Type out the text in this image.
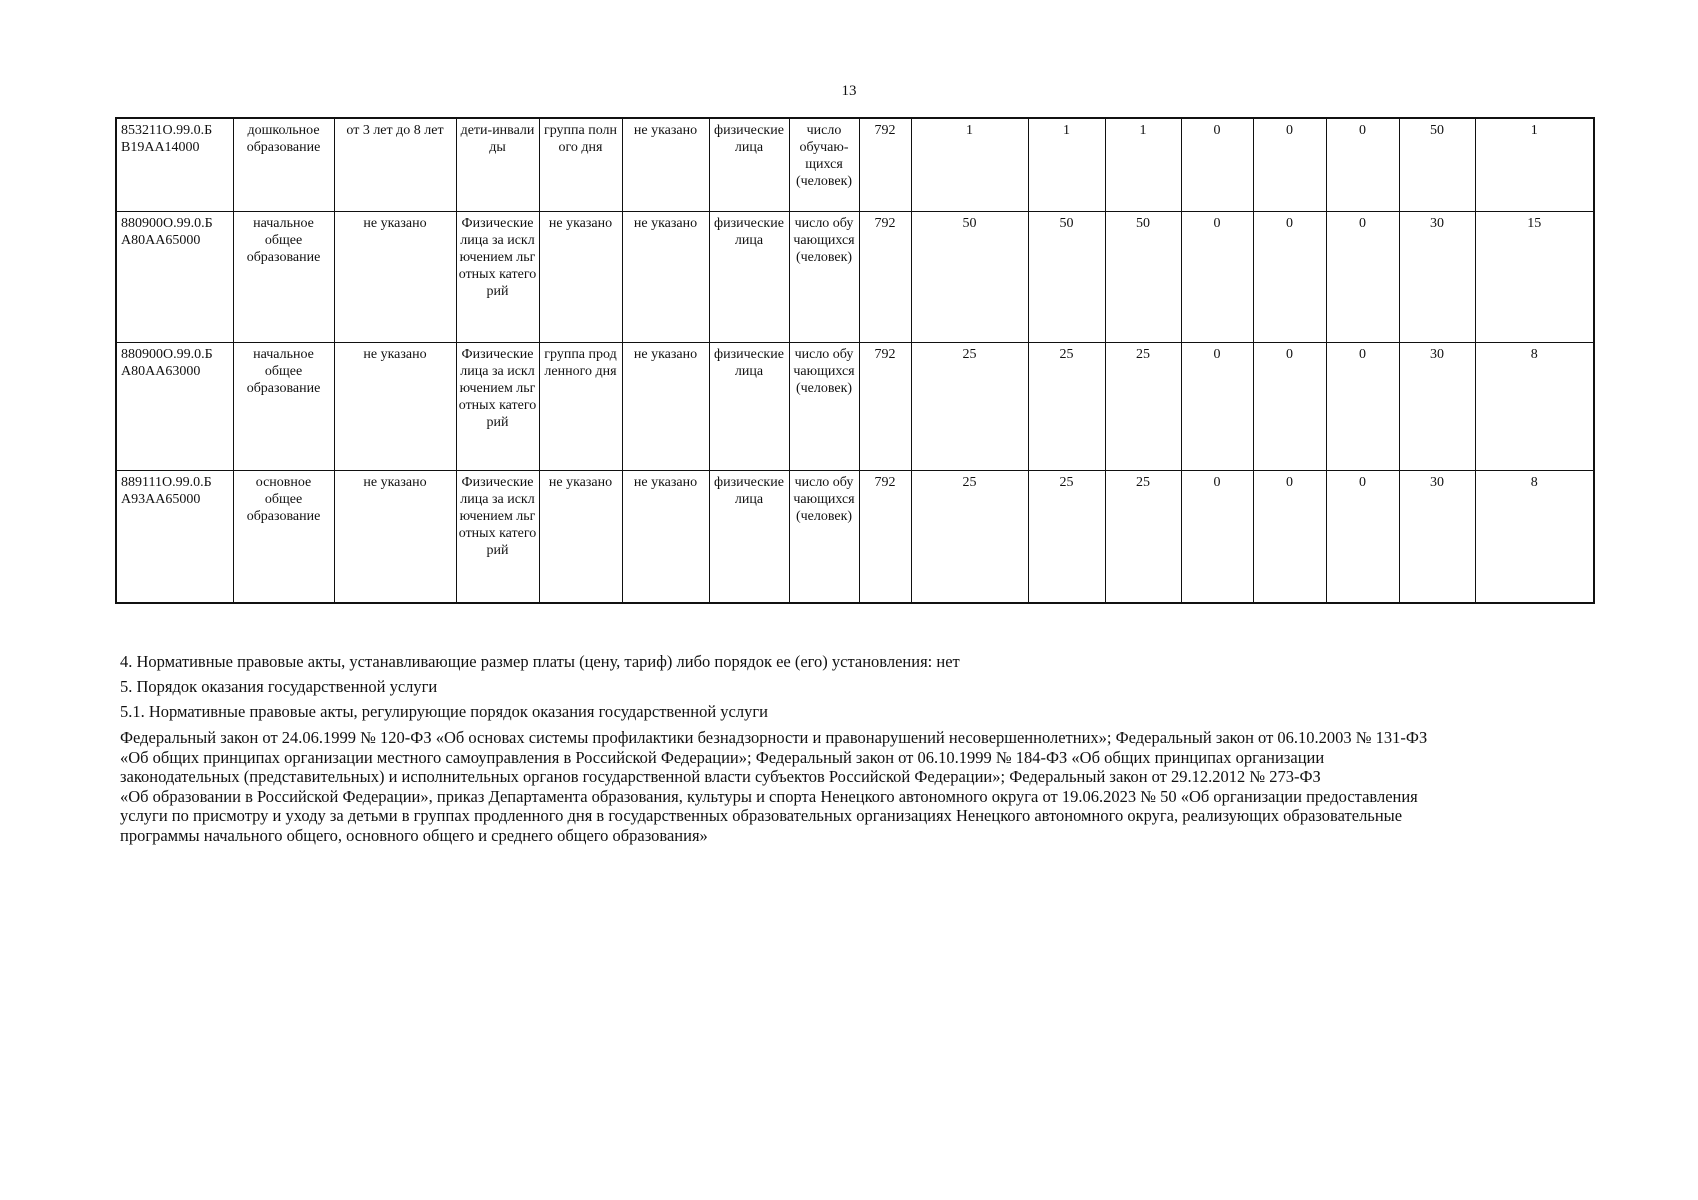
13
853211О.99.0.Б В19АА14000	дошкольное образование	от 3 лет до 8 лет	дети-инвалиды	группа полного дня	не указано	физические лица	число обучаю-щихся (человек)	792	1	1	1	0	0	0	50	1
880900О.99.0.Б А80АА65000	начальное общее образование	не указано	Физические лица за исключением льготных категорий	не указано	не указано	физические лица	число обучающихся (человек)	792	50	50	50	0	0	0	30	15
880900О.99.0.Б А80АА63000	начальное общее образование	не указано	Физические лица за исключением льготных категорий	группа продленного дня	не указано	физические лица	число обучающихся (человек)	792	25	25	25	0	0	0	30	8
889111О.99.0.Б А93АА65000	основное общее образование	не указано	Физические лица за исключением льготных категорий	не указано	не указано	физические лица	число обучающихся (человек)	792	25	25	25	0	0	0	30	8
4. Нормативные правовые акты, устанавливающие размер платы (цену, тариф) либо порядок ее (его) установления: нет
5. Порядок оказания государственной услуги
5.1. Нормативные правовые акты, регулирующие порядок оказания государственной услуги
Федеральный закон от 24.06.1999 № 120-ФЗ «Об основах системы профилактики безнадзорности и правонарушений несовершеннолетних»; Федеральный закон от 06.10.2003 № 131-ФЗ
«Об общих принципах организации местного самоуправления в Российской Федерации»; Федеральный закон от 06.10.1999 № 184-ФЗ «Об общих принципах организации
законодательных (представительных) и исполнительных органов государственной власти субъектов Российской Федерации»; Федеральный закон от 29.12.2012 № 273-ФЗ
«Об образовании в Российской Федерации», приказ Департамента образования, культуры и спорта Ненецкого автономного округа от 19.06.2023 № 50 «Об организации предоставления
услуги по присмотру и уходу за детьми в группах продленного дня в государственных образовательных организациях Ненецкого автономного округа, реализующих образовательные
программы начального общего, основного общего и среднего общего образования»
